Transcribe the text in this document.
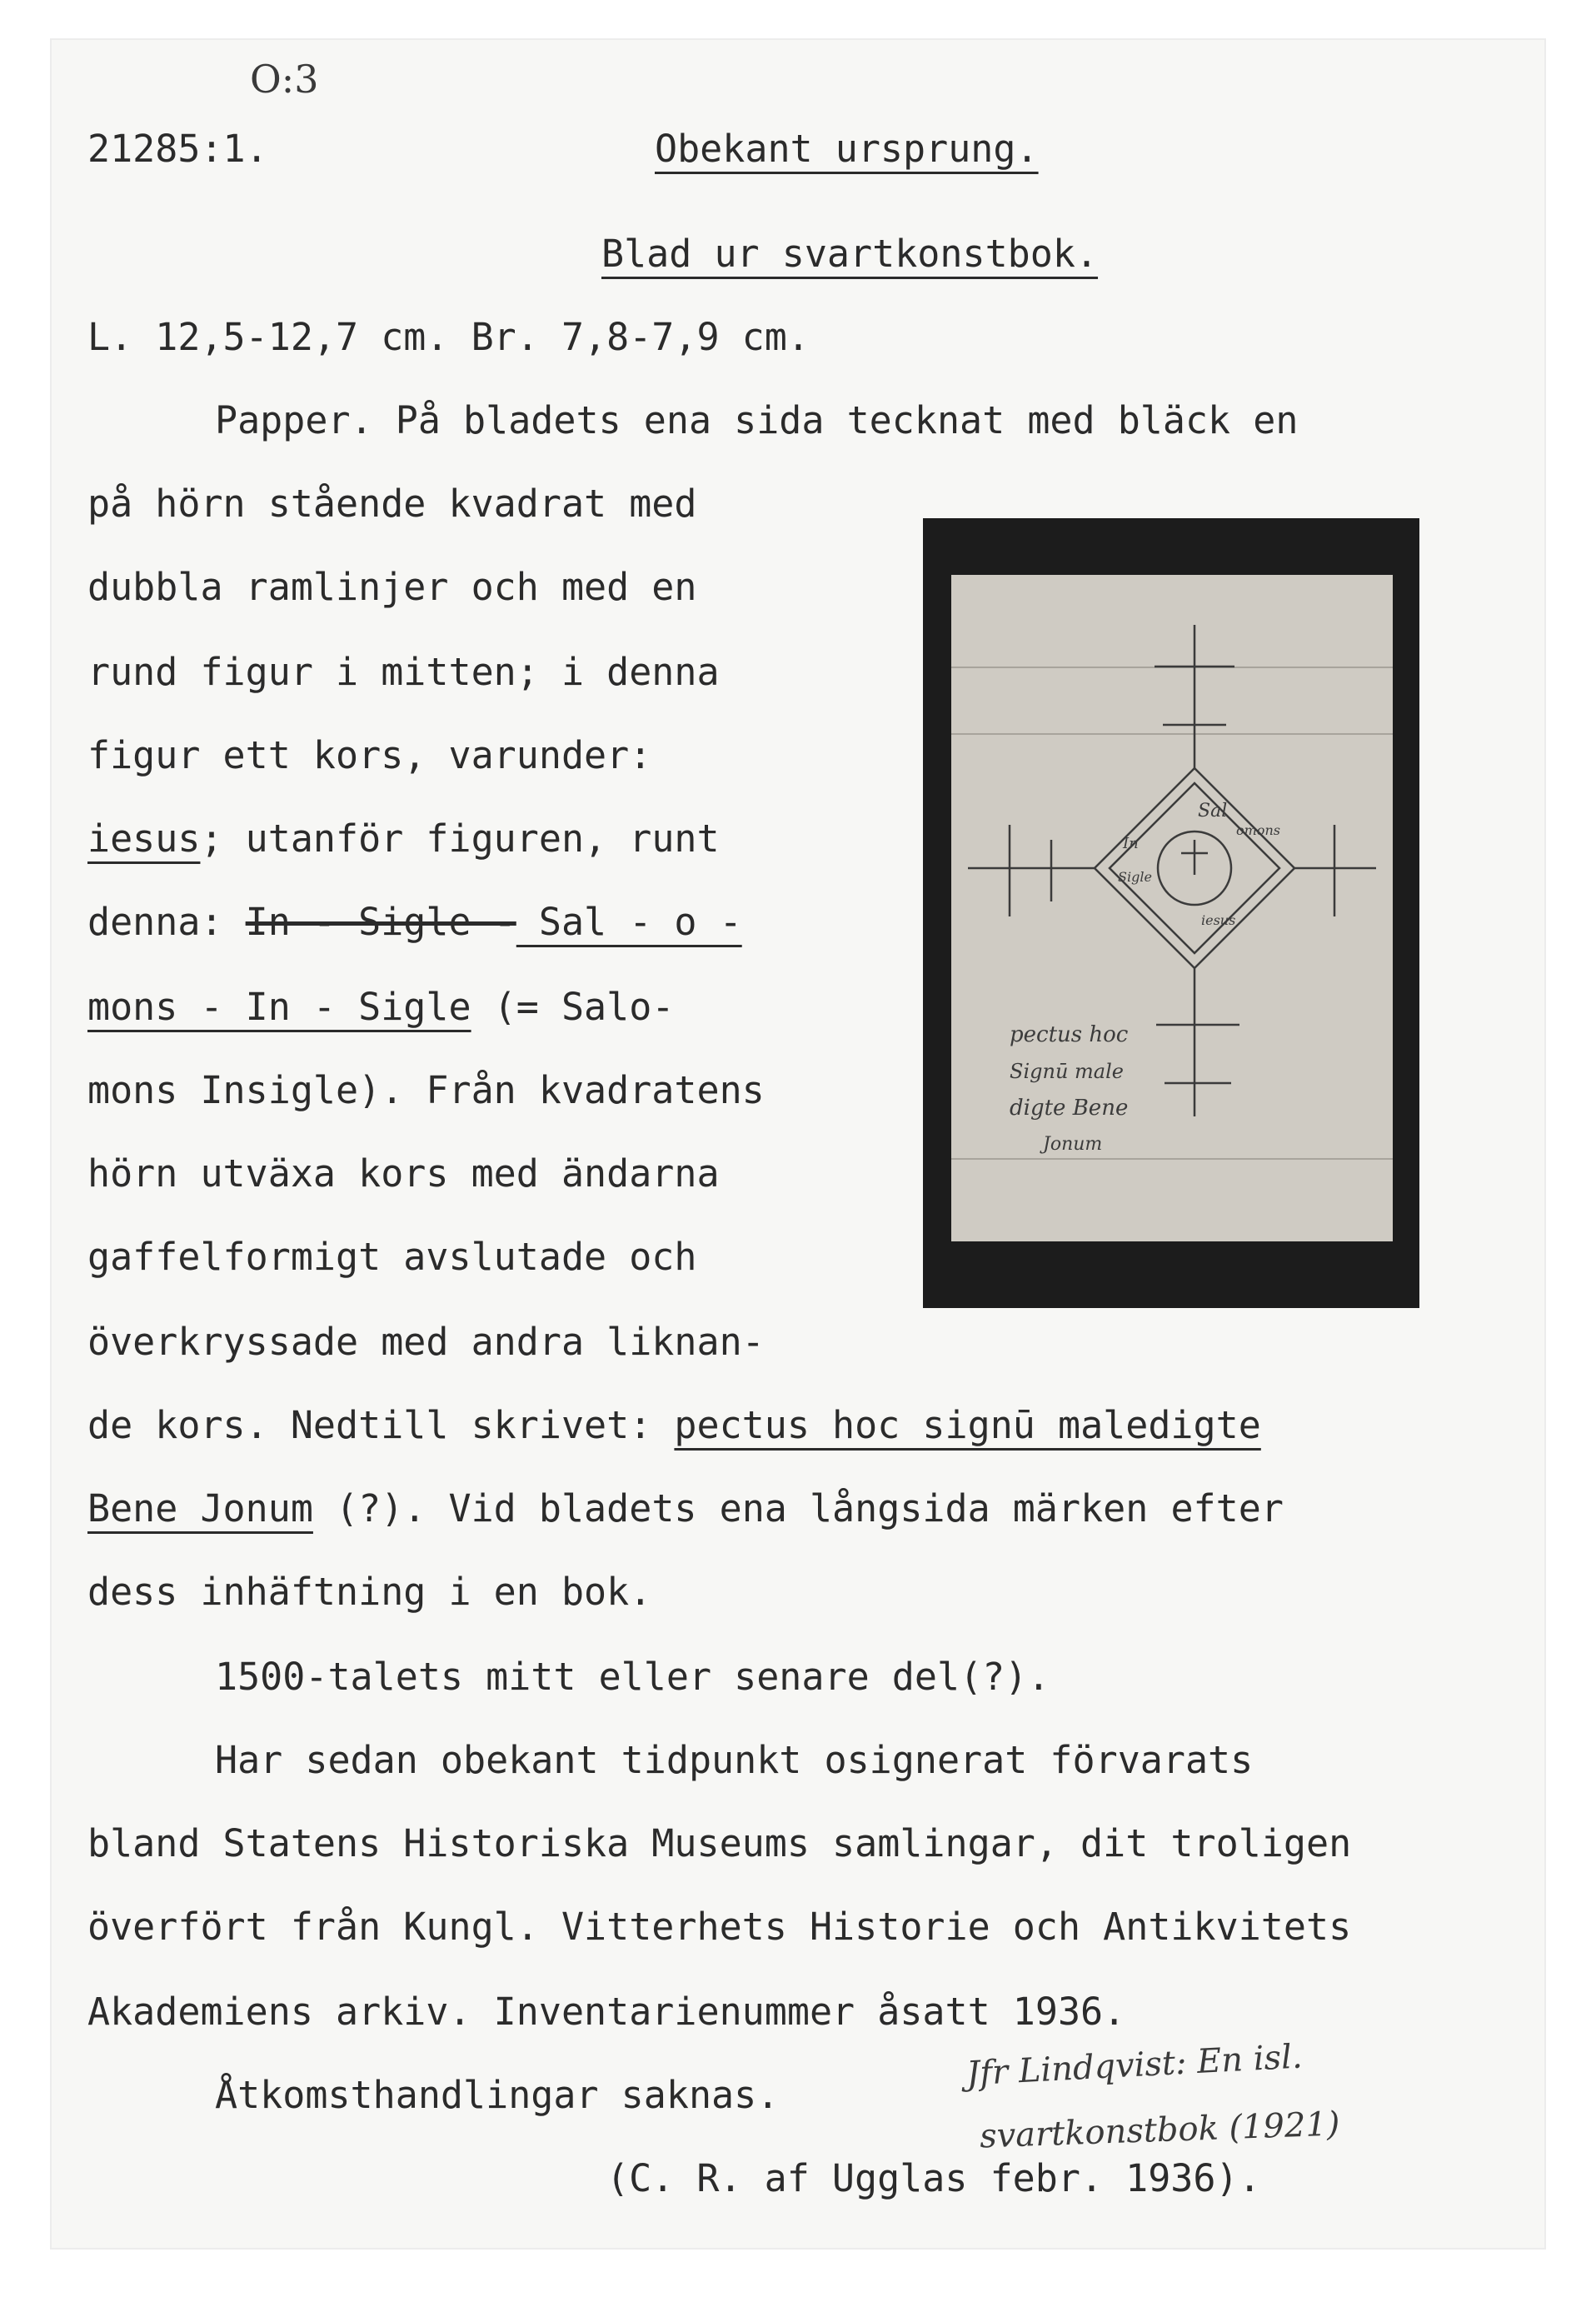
O:3
21285:1.	Obekant ursprung.
Blad ur svartkonstbok.
L. 12,5-12,7 cm. Br. 7,8-7,9 cm.
Papper. På bladets ena sida tecknat med bläck en
på hörn stående kvadrat med
dubbla ramlinjer och med en
rund figur i mitten; i denna
figur ett kors, varunder:
iesus; utanför figuren, runt
denna: In - Sigle - Sal - o -
mons - In - Sigle (= Salo-
mons Insigle). Från kvadratens
hörn utväxa kors med ändarna
gaffelformigt avslutade och
överkryssade med andra liknan-
de kors. Nedtill skrivet: pectus hoc signū maledigte
Bene Jonum (?). Vid bladets ena långsida märken efter
dess inhäftning i en bok.
1500-talets mitt eller senare del(?).
Har sedan obekant tidpunkt osignerat förvarats
bland Statens Historiska Museums samlingar, dit troligen
överfört från Kungl. Vitterhets Historie och Antikvitets
Akademiens arkiv. Inventarienummer åsatt 1936.
Åtkomsthandlingar saknas.
(C. R. af Ugglas febr. 1936).
Jfr Lindqvist: En isl.
svartkonstbok (1921)
Sal
omons
In
Sigle
iesus
pectus hoc
Signū male
digte Bene
Jonum
